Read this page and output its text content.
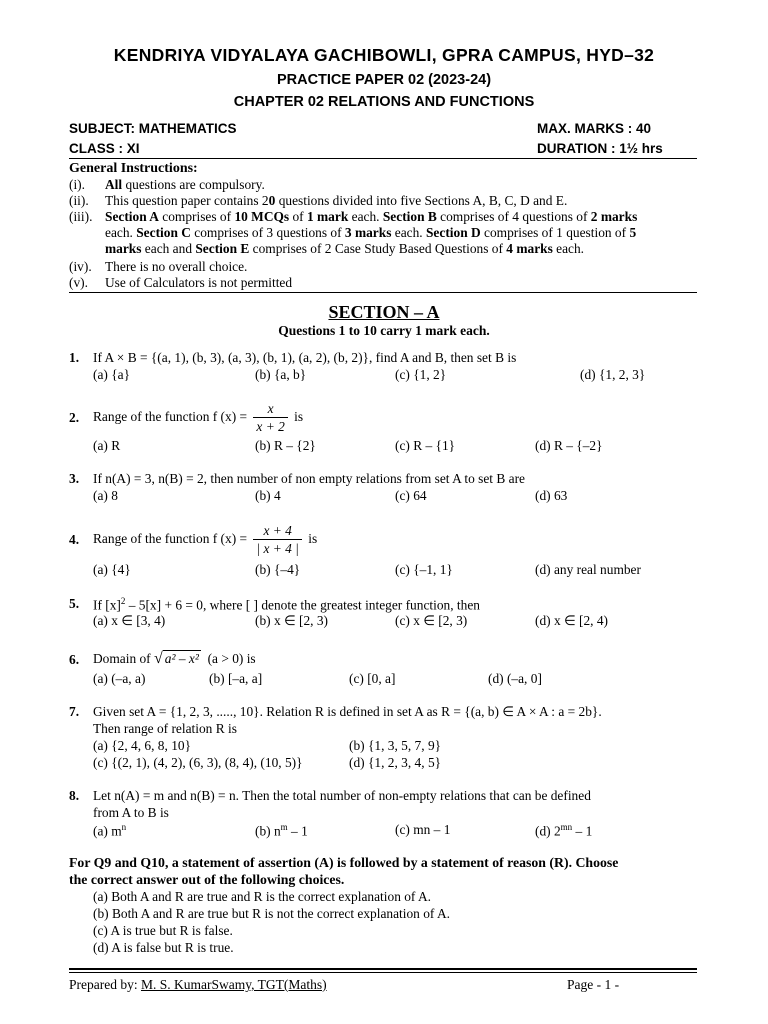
KENDRIYA VIDYALAYA GACHIBOWLI, GPRA CAMPUS, HYD–32
PRACTICE PAPER 02 (2023-24)
CHAPTER 02 RELATIONS AND FUNCTIONS
SUBJECT: MATHEMATICS	MAX. MARKS : 40
CLASS : XI	DURATION : 1½ hrs
General Instructions:
(i). All questions are compulsory.
(ii). This question paper contains 20 questions divided into five Sections A, B, C, D and E.
(iii). Section A comprises of 10 MCQs of 1 mark each. Section B comprises of 4 questions of 2 marks
each. Section C comprises of 3 questions of 3 marks each. Section D comprises of 1 question of 5
marks each and Section E comprises of 2 Case Study Based Questions of 4 marks each.
(iv). There is no overall choice.
(v). Use of Calculators is not permitted
SECTION – A
Questions 1 to 10 carry 1 mark each.
1. If A × B = {(a, 1), (b, 3), (a, 3), (b, 1), (a, 2), (b, 2)}, find A and B, then set B is
(a) {a}	(b) {a, b}	(c) {1, 2}	(d) {1, 2, 3}
2. Range of the function f $(x) = \frac{x}{x + 2}$ is
(a) R	(b) R – {2}	(c) R – {1}	(d) R – {–2}
3. If n(A) = 3, n(B) = 2, then number of non empty relations from set A to set B are
(a) 8	(b) 4	(c) 64	(d) 63
4. Range of the function f $(x) = \frac{x + 4}{| x + 4 |}$ is
(a) {4}	(b) {–4}	(c) {–1, 1}	(d) any real number
5. If $[x]^2 - 5[x] + 6 = 0$, where [ ] denote the greatest integer function, then
(a) x ∈ [3, 4)	(b) x ∈ [2, 3)	(c) x ∈ [2, 3)	(d) x ∈ [2, 4)
6. Domain of √ a² – x² (a > 0) is
(a) (–a, a)	(b) [–a, a]	(c) [0, a]	(d) (–a, 0]
7. Given set A = {1, 2, 3, ....., 10}. Relation R is defined in set A as R = {(a, b) ∈ A × A : a = 2b}.
Then range of relation R is
(a) {2, 4, 6, 8, 10}	(b) {1, 3, 5, 7, 9}
(c) {(2, 1), (4, 2), (6, 3), (8, 4), (10, 5)}	(d) {1, 2, 3, 4, 5}
8. Let n(A) = m and n(B) = n. Then the total number of non-empty relations that can be defined
from A to B is
(a) $m^n$	(b) $n^m - 1$	(c) mn – 1	(d) $2^{mn} - 1$
For Q9 and Q10, a statement of assertion (A) is followed by a statement of reason (R). Choose
the correct answer out of the following choices.
(a) Both A and R are true and R is the correct explanation of A.
(b) Both A and R are true but R is not the correct explanation of A.
(c) A is true but R is false.
(d) A is false but R is true.
Prepared by: M. S. KumarSwamy, TGT(Maths)	Page - 1 -
